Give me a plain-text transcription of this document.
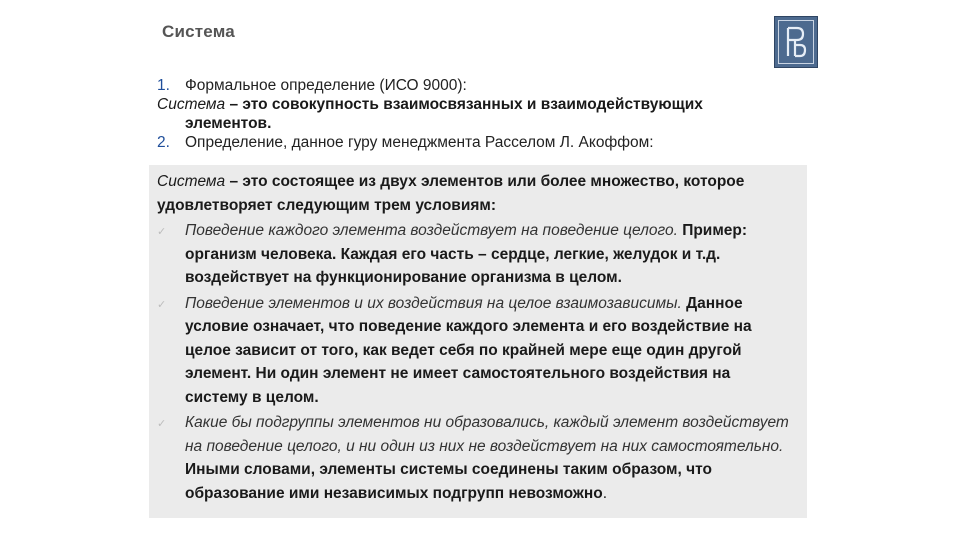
Система
1. Формальное определение (ИСО 9000):

Система – это совокупность взаимосвязанных и взаимодействующих

элементов.

2. Определение, данное гуру менеджмента Расселом Л. Акоффом:
Система – это состоящее из двух элементов или более множество, которое удовлетворяет следующим трем условиям:
✓	Поведение каждого элемента воздействует на поведение целого. Пример: организм человека. Каждая его часть – сердце, легкие, желудок и т.д. воздействует на функционирование организма в целом.
✓	Поведение элементов и их воздействия на целое взаимозависимы. Данное условие означает, что поведение каждого элемента и его воздействие на целое зависит от того, как ведет себя по крайней мере еще один другой элемент. Ни один элемент не имеет самостоятельного воздействия на систему в целом.
✓	Какие бы подгруппы элементов ни образовались, каждый элемент воздействует на поведение целого, и ни один из них не воздействует на них самостоятельно. Иными словами, элементы системы соединены таким образом, что образование ими независимых подгрупп невозможно.
